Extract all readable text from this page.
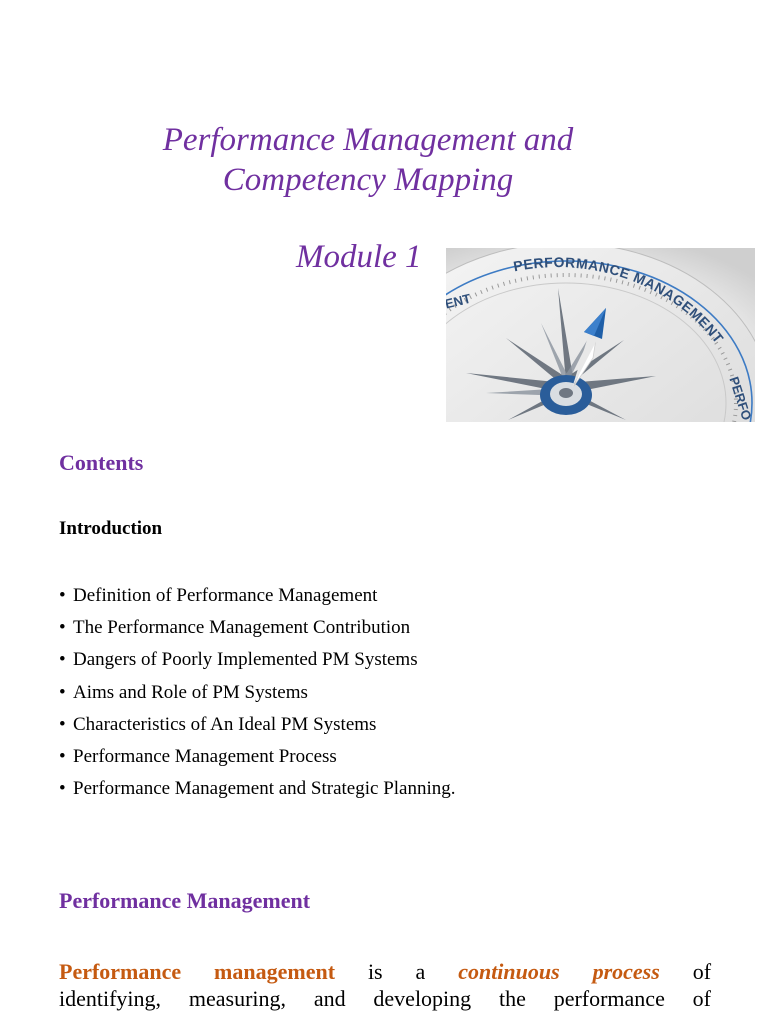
Performance Management and
Competency Mapping
Module 1	PERFORMANCE MANAGEMENT
ENT
PERFO
Contents
Introduction
• Definition of Performance Management
• The Performance Management Contribution
• Dangers of Poorly Implemented PM Systems
• Aims and Role of PM Systems
• Characteristics of An Ideal PM Systems
• Performance Management Process
• Performance Management and Strategic Planning.
Performance Management
Performance management is a continuous process of
identifying, measuring, and developing the performance of
